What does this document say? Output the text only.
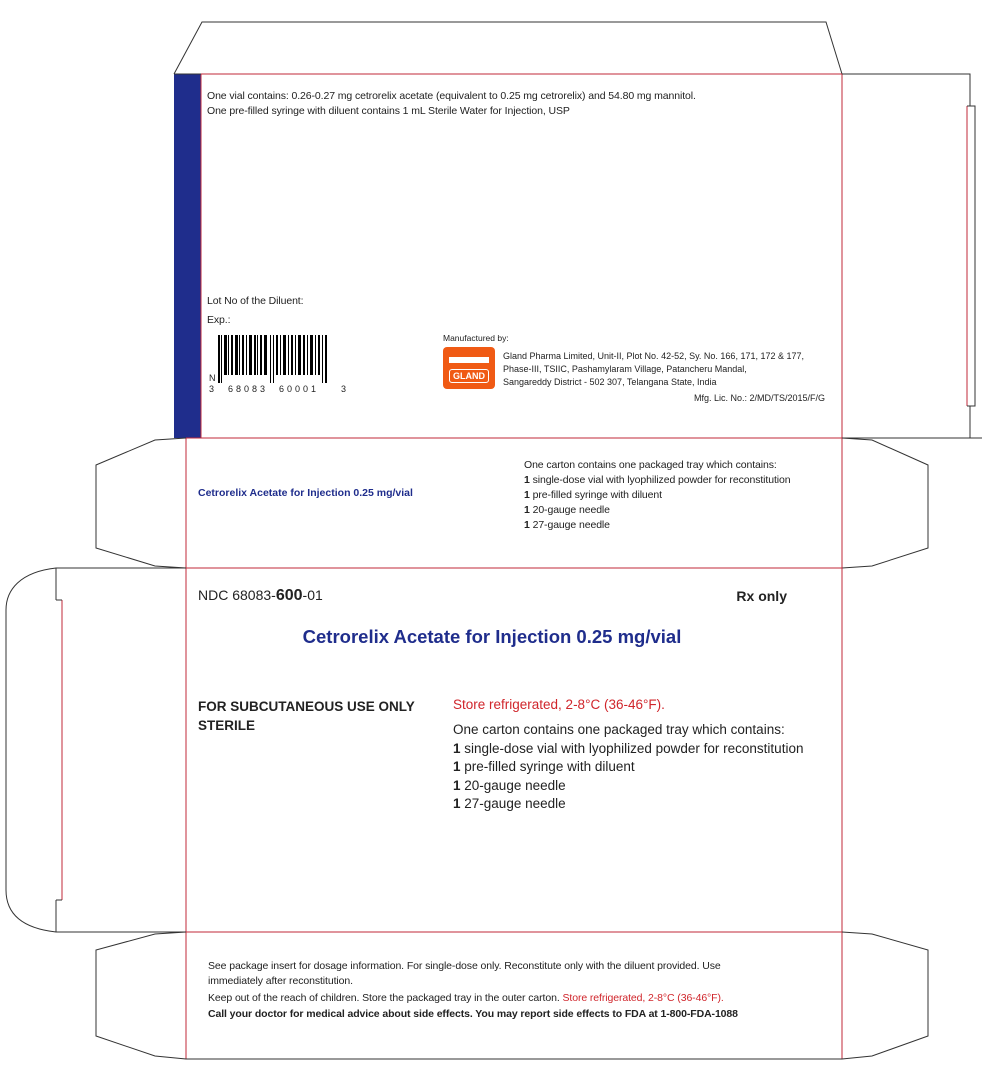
One vial contains: 0.26-0.27 mg cetrorelix acetate (equivalent to 0.25 mg cetrorelix) and 54.80 mg mannitol.
One pre-filled syringe with diluent contains 1 mL Sterile Water for Injection, USP
Lot No of the Diluent:
Exp.:
N
3 68083 60001 3
Manufactured by:
GLAND
Gland Pharma Limited, Unit-II, Plot No. 42-52, Sy. No. 166, 171, 172 & 177,
Phase-III, TSIIC, Pashamylaram Village, Patancheru Mandal,
Sangareddy District - 502 307, Telangana State, India
Mfg. Lic. No.: 2/MD/TS/2015/F/G
Cetrorelix Acetate for Injection 0.25 mg/vial
One carton contains one packaged tray which contains:
1 single-dose vial with lyophilized powder for reconstitution
1 pre-filled syringe with diluent
1 20-gauge needle
1 27-gauge needle
NDC 68083-600-01	Rx only
Cetrorelix Acetate for Injection 0.25 mg/vial
FOR SUBCUTANEOUS USE ONLY
STERILE
Store refrigerated, 2-8°C (36-46°F).
One carton contains one packaged tray which contains:
1 single-dose vial with lyophilized powder for reconstitution
1 pre-filled syringe with diluent
1 20-gauge needle
1 27-gauge needle
See package insert for dosage information. For single-dose only. Reconstitute only with the diluent provided. Use
immediately after reconstitution.
Keep out of the reach of children. Store the packaged tray in the outer carton. Store refrigerated, 2-8°C (36-46°F).
Call your doctor for medical advice about side effects. You may report side effects to FDA at 1-800-FDA-1088
